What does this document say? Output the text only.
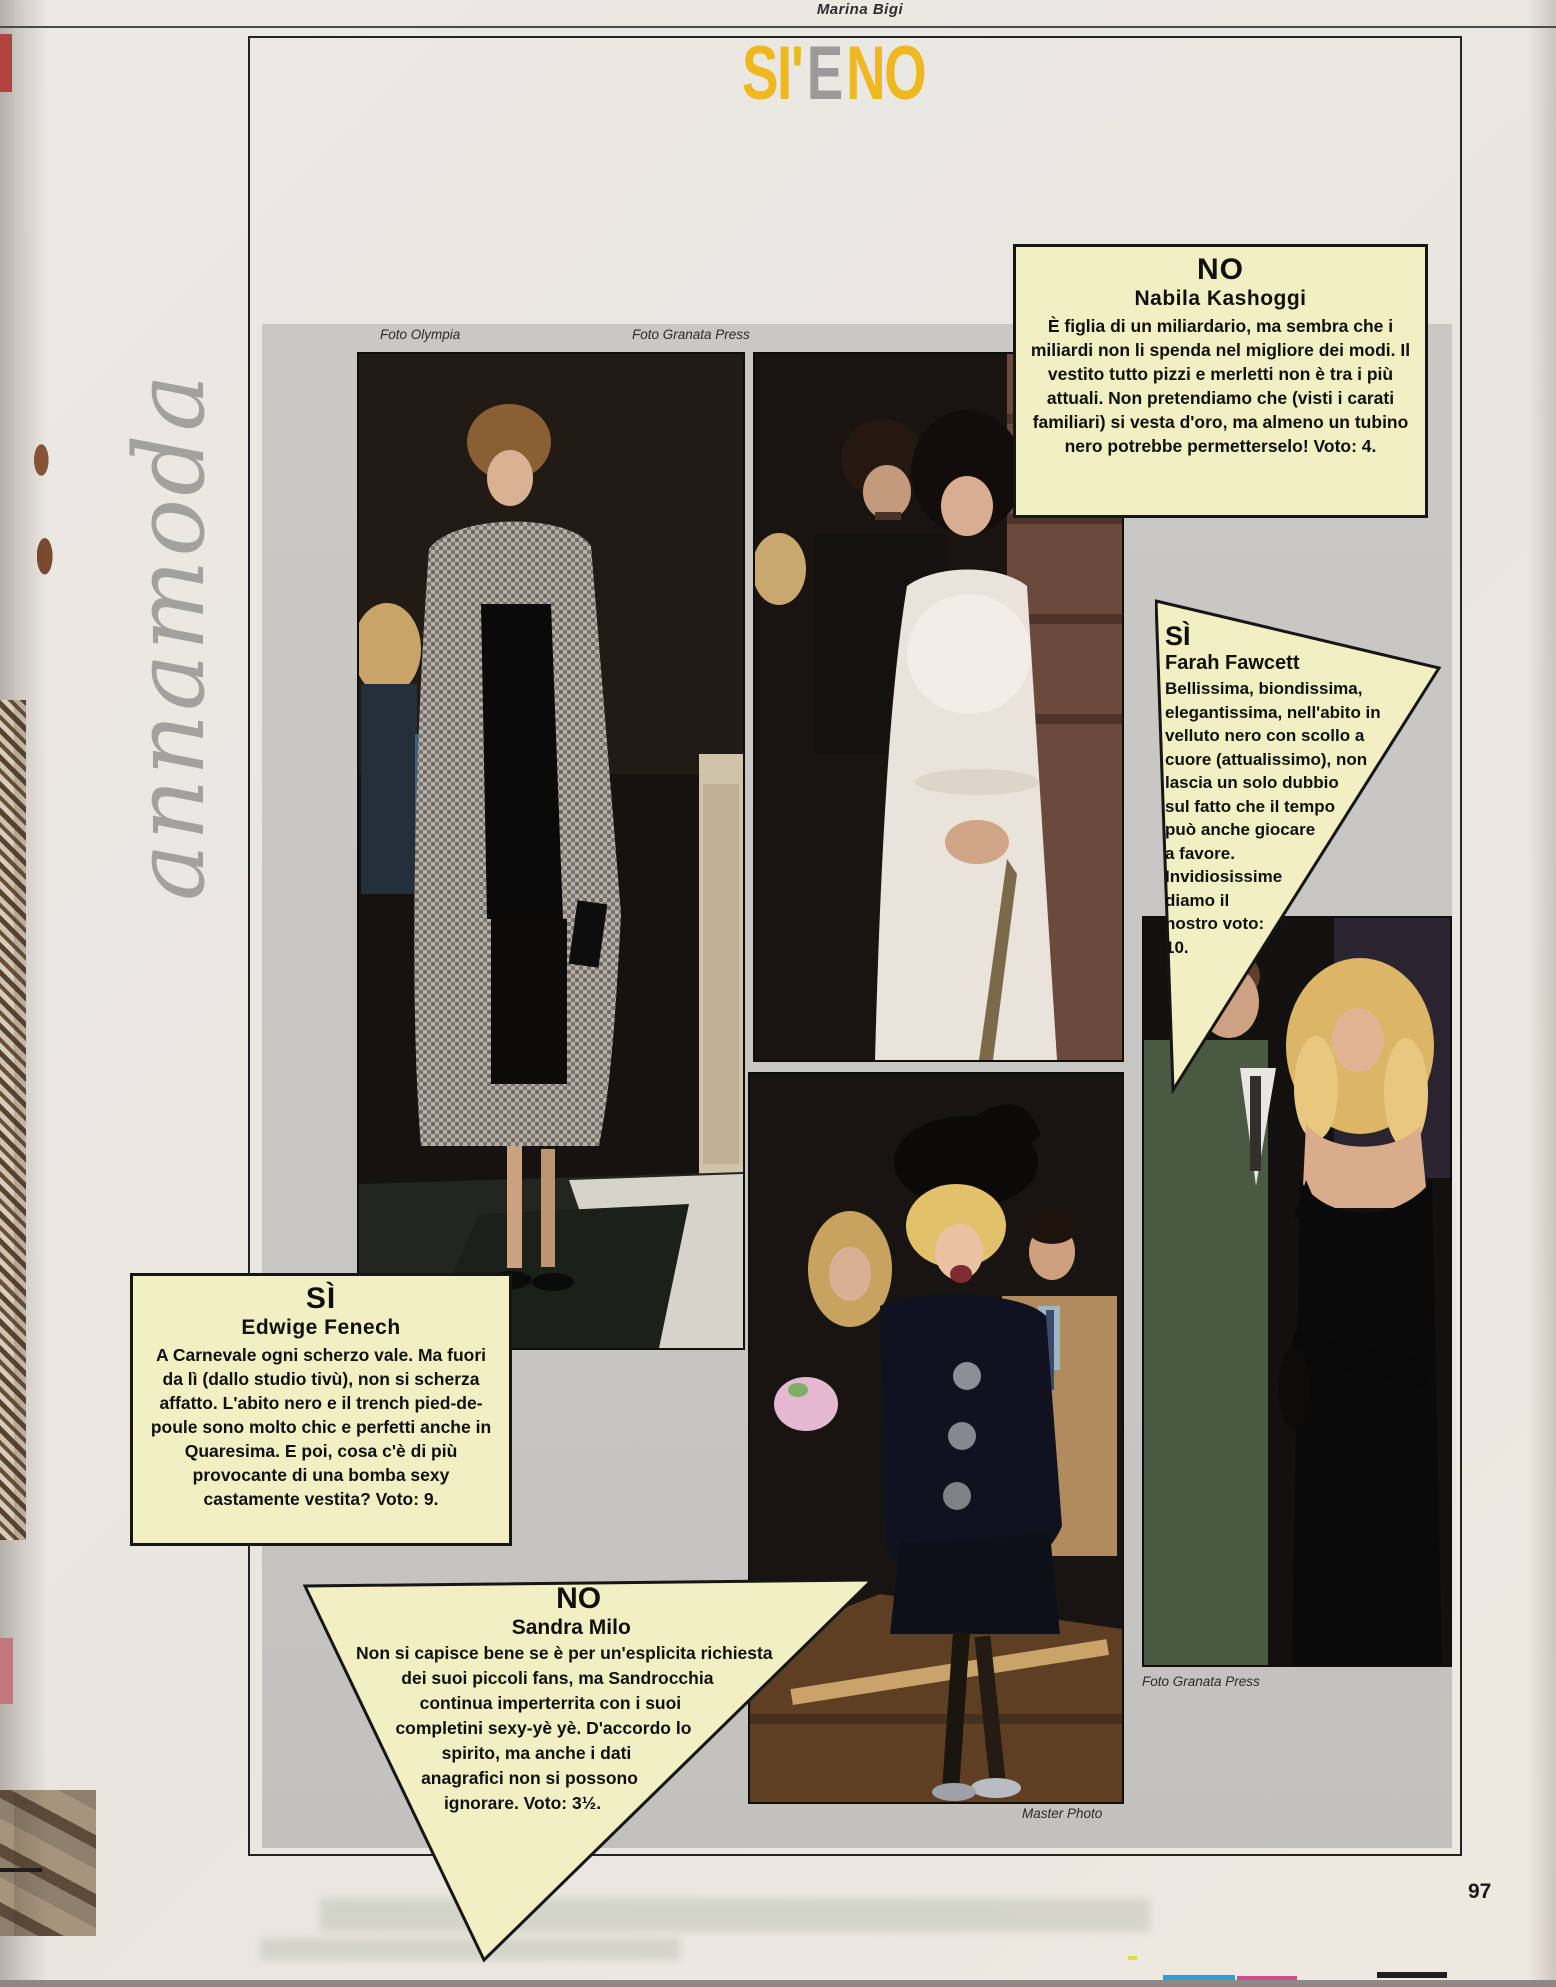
Marina Bigi
SI'ENO
Foto Olympia	Foto Granata Press
Foto Granata Press
Master Photo
annamoda
NO
Nabila Kashoggi
È figlia di un miliardario, ma sembra che i miliardi non li spenda nel migliore dei modi. Il vestito tutto pizzi e merletti non è tra i più attuali. Non pretendiamo che (visti i carati familiari) si vesta d'oro, ma almeno un tubino nero potrebbe permetterselo! Voto: 4.
SÌ
Farah Fawcett
Bellissima, biondissima, elegantissima, nell'abito in velluto nero con scollo a cuore (attualissimo), non lascia un solo dubbio sul fatto che il tempo può anche giocare a favore. Invidiosissime diamo il nostro voto: 10.
SÌ
Edwige Fenech
A Carnevale ogni scherzo vale. Ma fuori da lì (dallo studio tivù), non si scherza affatto. L'abito nero e il trench pied-de-poule sono molto chic e perfetti anche in Quaresima. E poi, cosa c'è di più provocante di una bomba sexy castamente vestita? Voto: 9.
NO
Sandra Milo
Non si capisce bene se è per un'esplicita richiesta dei suoi piccoli fans, ma Sandrocchia continua imperterrita con i suoi completini sexy-yè yè. D'accordo lo spirito, ma anche i dati anagrafici non si possono ignorare. Voto: 3½.
97
